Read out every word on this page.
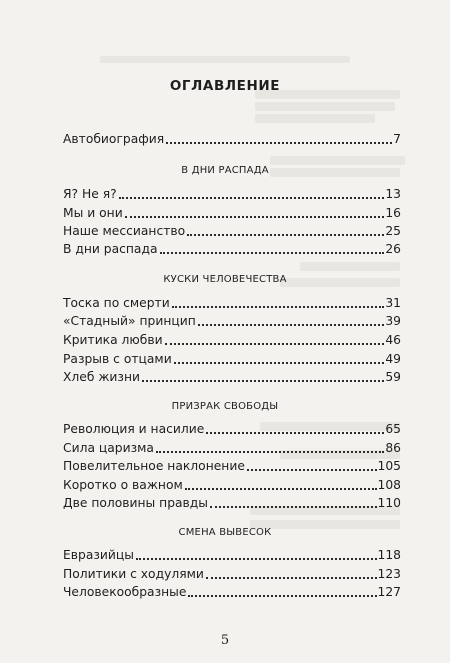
ОГЛАВЛЕНИЕ
Автобиография	7
В ДНИ РАСПАДА
Я? Не я?	13
Мы и они	16
Наше мессианство	25
В дни распада	26
КУСКИ ЧЕЛОВЕЧЕСТВА
Тоска по смерти	31
«Стадный» принцип	39
Критика любви	46
Разрыв с отцами	49
Хлеб жизни	59
ПРИЗРАК СВОБОДЫ
Революция и насилие	65
Сила царизма	86
Повелительное наклонение	105
Коротко о важном	108
Две половины правды	110
СМЕНА ВЫВЕСОК
Евразийцы	118
Политики с ходулями	123
Человекообразные	127
5
